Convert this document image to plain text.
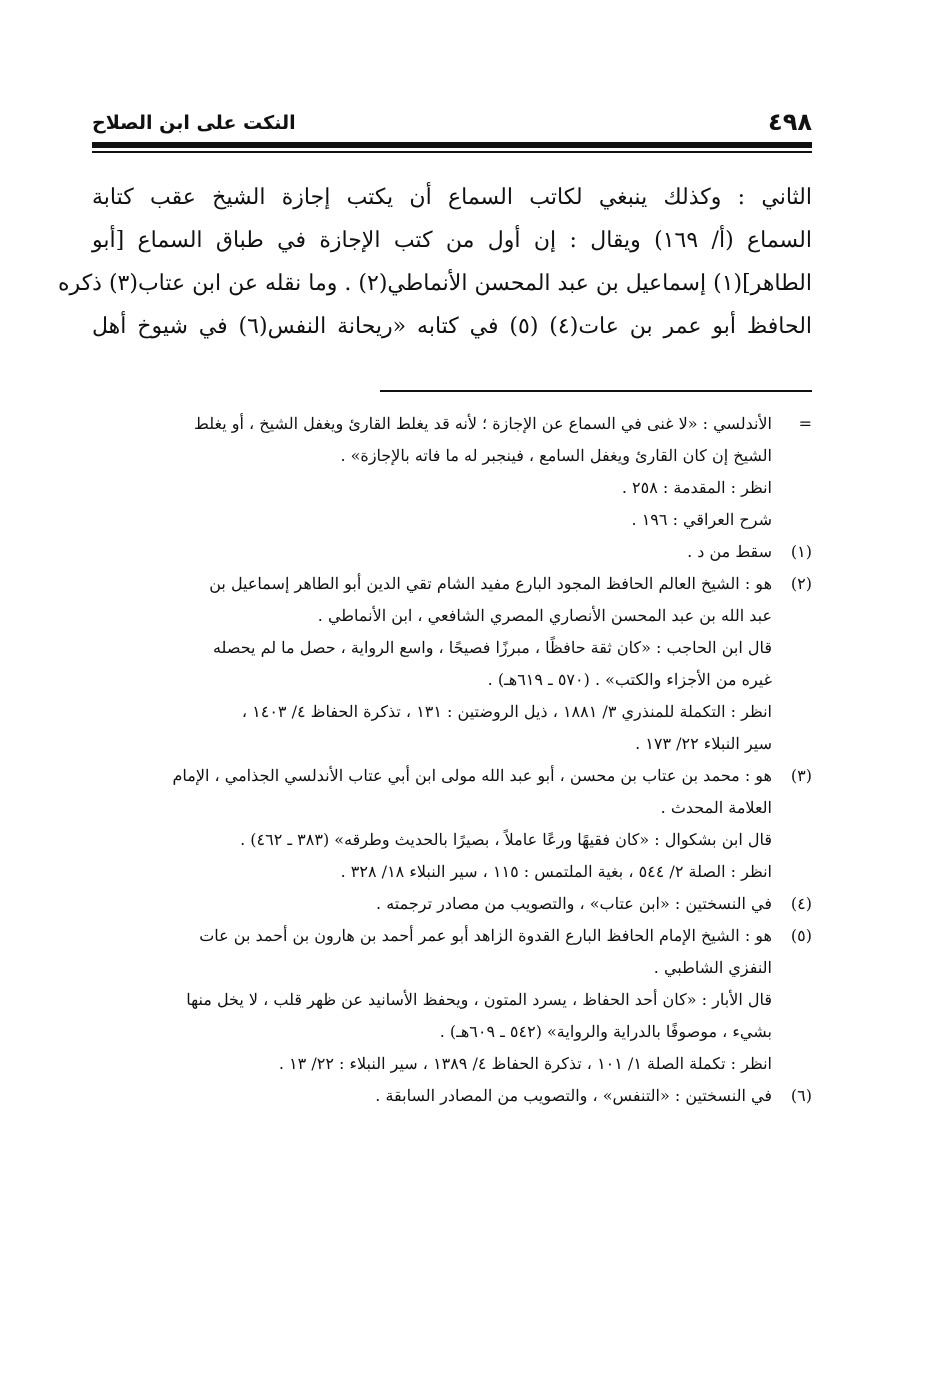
٤٩٨
النكت على ابن الصلاح

الثاني : وكذلك ينبغي لكاتب السماع أن يكتب إجازة الشيخ عقب كتابة
السماع (أ/ ١٦٩) ويقال : إن أول من كتب الإجازة في طباق السماع [أبو
الطاهر](١) إسماعيل بن عبد المحسن الأنماطي(٢) . وما نقله عن ابن عتاب(٣) ذكره
الحافظ أبو عمر بن عات(٤) (٥) في كتابه «ريحانة النفس(٦) في شيوخ أهل

=
الأندلسي : «لا غنى في السماع عن الإجازة ؛ لأنه قد يغلط القارئ ويغفل الشيخ ، أو يغلط
الشيخ إن كان القارئ ويغفل السامع ، فينجبر له ما فاته بالإجازة» .
انظر : المقدمة : ٢٥٨ .
شرح العراقي : ١٩٦ .
(١)
سقط من د .
(٢)
هو : الشيخ العالم الحافظ المجود البارع مفيد الشام تقي الدين أبو الطاهر إسماعيل بن
عبد الله بن عبد المحسن الأنصاري المصري الشافعي ، ابن الأنماطي .
قال ابن الحاجب : «كان ثقة حافظًا ، مبرزًا فصيحًا ، واسع الرواية ، حصل ما لم يحصله
غيره من الأجزاء والكتب» . (٥٧٠ ـ ٦١٩هـ) .
انظر : التكملة للمنذري ٣/ ١٨٨١ ، ذيل الروضتين : ١٣١ ، تذكرة الحفاظ ٤/ ١٤٠٣ ،
سير النبلاء ٢٢/ ١٧٣ .
(٣)
هو : محمد بن عتاب بن محسن ، أبو عبد الله مولى ابن أبي عتاب الأندلسي الجذامي ، الإمام
العلامة المحدث .
قال ابن بشكوال : «كان فقيهًا ورعًا عاملاً ، بصيرًا بالحديث وطرقه» (٣٨٣ ـ ٤٦٢) .
انظر : الصلة ٢/ ٥٤٤ ، بغية الملتمس : ١١٥ ، سير النبلاء ١٨/ ٣٢٨ .
(٤)
في النسختين : «ابن عتاب» ، والتصويب من مصادر ترجمته .
(٥)
هو : الشيخ الإمام الحافظ البارع القدوة الزاهد أبو عمر أحمد بن هارون بن أحمد بن عات
النفزي الشاطبي .
قال الأبار : «كان أحد الحفاظ ، يسرد المتون ، ويحفظ الأسانيد عن ظهر قلب ، لا يخل منها
بشيء ، موصوفًا بالدراية والرواية» (٥٤٢ ـ ٦٠٩هـ) .
انظر : تكملة الصلة ١/ ١٠١ ، تذكرة الحفاظ ٤/ ١٣٨٩ ، سير النبلاء : ٢٢/ ١٣ .
(٦)
في النسختين : «التنفس» ، والتصويب من المصادر السابقة .
